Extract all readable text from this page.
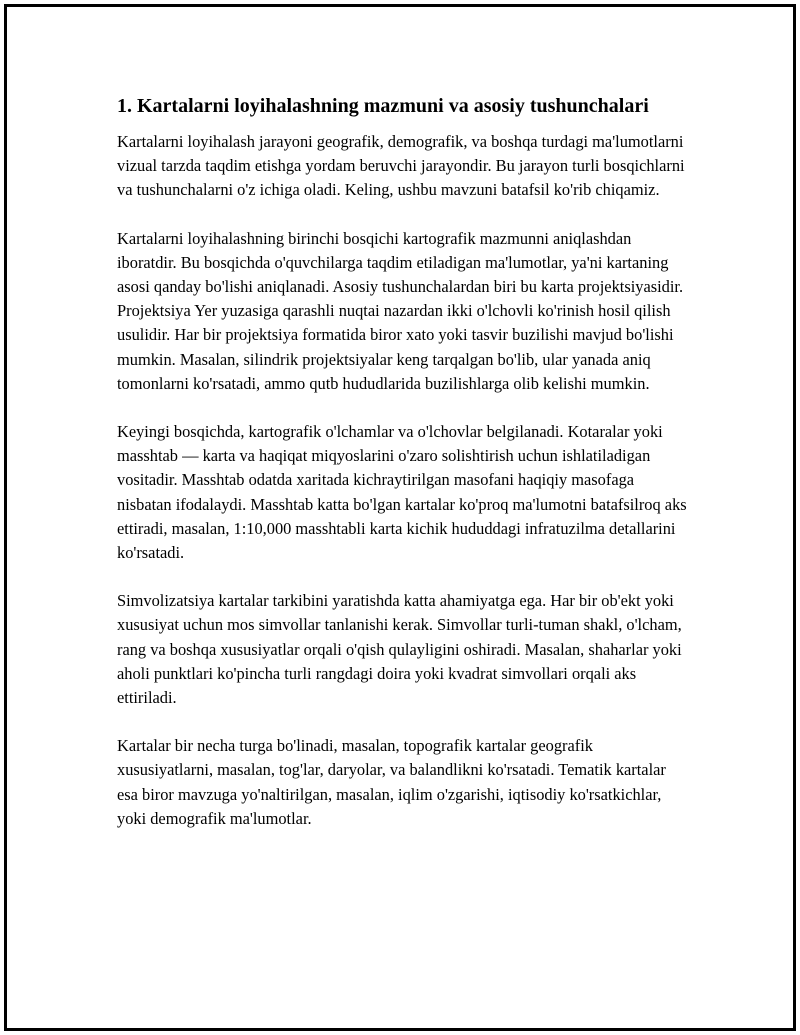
1. Kartalarni loyihalashning mazmuni va asosiy tushunchalari

Kartalarni loyihalash jarayoni geografik, demografik, va boshqa turdagi ma'lumotlarni vizual tarzda taqdim etishga yordam beruvchi jarayondir. Bu jarayon turli bosqichlarni va tushunchalarni o'z ichiga oladi. Keling, ushbu mavzuni batafsil ko'rib chiqamiz.

Kartalarni loyihalashning birinchi bosqichi kartografik mazmunni aniqlashdan iboratdir. Bu bosqichda o'quvchilarga taqdim etiladigan ma'lumotlar, ya'ni kartaning asosi qanday bo'lishi aniqlanadi. Asosiy tushunchalardan biri bu karta projektsiyasidir. Projektsiya Yer yuzasiga qarashli nuqtai nazardan ikki o'lchovli ko'rinish hosil qilish usulidir. Har bir projektsiya formatida biror xato yoki tasvir buzilishi mavjud bo'lishi mumkin. Masalan, silindrik projektsiyalar keng tarqalgan bo'lib, ular yanada aniq tomonlarni ko'rsatadi, ammo qutb hududlarida buzilishlarga olib kelishi mumkin.

Keyingi bosqichda, kartografik o'lchamlar va o'lchovlar belgilanadi. Kotaralar yoki masshtab — karta va haqiqat miqyoslarini o'zaro solishtirish uchun ishlatiladigan vositadir. Masshtab odatda xaritada kichraytirilgan masofani haqiqiy masofaga nisbatan ifodalaydi. Masshtab katta bo'lgan kartalar ko'proq ma'lumotni batafsilroq aks ettiradi, masalan, 1:10,000 masshtabli karta kichik hududdagi infratuzilma detallarini ko'rsatadi.

Simvolizatsiya kartalar tarkibini yaratishda katta ahamiyatga ega. Har bir ob'ekt yoki xususiyat uchun mos simvollar tanlanishi kerak. Simvollar turli-tuman shakl, o'lcham, rang va boshqa xususiyatlar orqali o'qish qulayligini oshiradi. Masalan, shaharlar yoki aholi punktlari ko'pincha turli rangdagi doira yoki kvadrat simvollari orqali aks ettiriladi.

Kartalar bir necha turga bo'linadi, masalan, topografik kartalar geografik xususiyatlarni, masalan, tog'lar, daryolar, va balandlikni ko'rsatadi. Tematik kartalar esa biror mavzuga yo'naltirilgan, masalan, iqlim o'zgarishi, iqtisodiy ko'rsatkichlar, yoki demografik ma'lumotlar.
